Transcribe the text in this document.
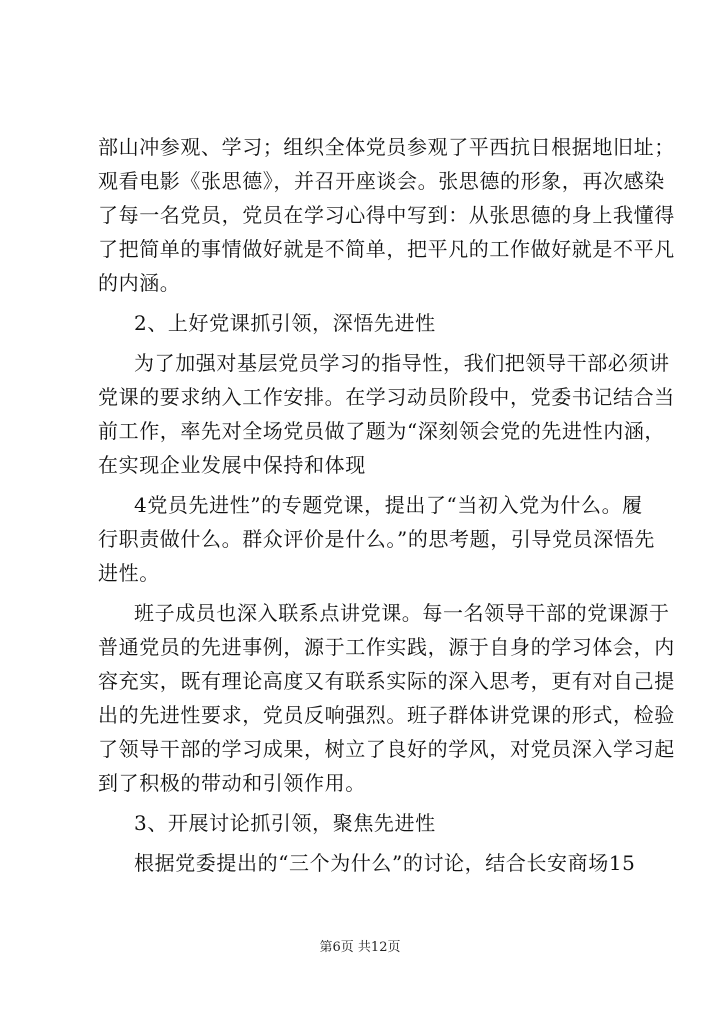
部山冲参观、学习；组织全体党员参观了平西抗日根据地旧址；
观看电影《张思德》，并召开座谈会。张思德的形象，再次感染
了每一名党员，党员在学习心得中写到：从张思德的身上我懂得
了把简单的事情做好就是不简单，把平凡的工作做好就是不平凡
的内涵。
2、上好党课抓引领，深悟先进性
为了加强对基层党员学习的指导性，我们把领导干部必须讲
党课的要求纳入工作安排。在学习动员阶段中，党委书记结合当
前工作，率先对全场党员做了题为“深刻领会党的先进性内涵，
在实现企业发展中保持和体现
4党员先进性”的专题党课，提出了“当初入党为什么。履
行职责做什么。群众评价是什么。”的思考题，引导党员深悟先
进性。
班子成员也深入联系点讲党课。每一名领导干部的党课源于
普通党员的先进事例，源于工作实践，源于自身的学习体会，内
容充实，既有理论高度又有联系实际的深入思考，更有对自己提
出的先进性要求，党员反响强烈。班子群体讲党课的形式，检验
了领导干部的学习成果，树立了良好的学风，对党员深入学习起
到了积极的带动和引领作用。
3、开展讨论抓引领，聚焦先进性
根据党委提出的“三个为什么”的讨论，结合长安商场15
第6页 共12页
